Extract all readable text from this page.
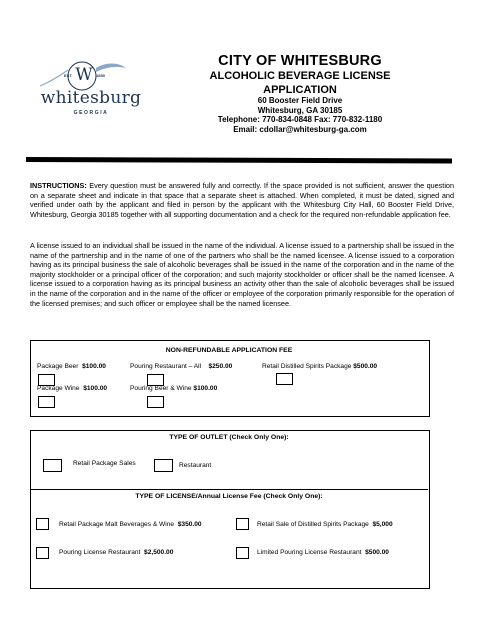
W
EST.	1859
whitesburg
GEORGIA
CITY OF WHITESBURG
ALCOHOLIC BEVERAGE LICENSE
APPLICATION
60 Booster Field Drive
Whitesburg, GA 30185
Telephone: 770-834-0848 Fax: 770-832-1180
Email: cdollar@whitesburg-ga.com
INSTRUCTIONS: Every question must be answered fully and correctly. If the space provided is not sufficient, answer the question on a separate sheet and indicate in that space that a separate sheet is attached. When completed, it must be dated, signed and verified under oath by the applicant and filed in person by the applicant with the Whitesburg City Hall, 60 Booster Field Drive, Whitesburg, Georgia 30185 together with all supporting documentation and a check for the required non-refundable application fee.
A license issued to an individual shall be issued in the name of the individual. A license issued to a partnership shall be issued in the name of the partnership and in the name of one of the partners who shall be the named licensee. A license issued to a corporation having as its principal business the sale of alcoholic beverages shall be issued in the name of the corporation and in the name of the majority stockholder or a principal officer of the corporation; and such majority stockholder or officer shall be the named licensee. A license issued to a corporation having as its principal business an activity other than the sale of alcoholic beverages shall be issued in the name of the corporation and in the name of the officer or employee of the corporation primarily responsible for the operation of the licensed premises; and such officer or employee shall be the named licensee.
NON-REFUNDABLE APPLICATION FEE
Package Beer $100.00	Pouring Restaurant – All $250.00	Retail Distilled Spirits Package $500.00
Package Wine $100.00	Pouring Beer & Wine $100.00
TYPE OF OUTLET (Check Only One):
Retail Package Sales	Restaurant
TYPE OF LICENSE/Annual License Fee (Check Only One):
Retail Package Malt Beverages & Wine $350.00	Retail Sale of Distilled Spirits Package $5,000
Pouring License Restaurant $2,500.00	Limited Pouring License Restaurant $500.00
